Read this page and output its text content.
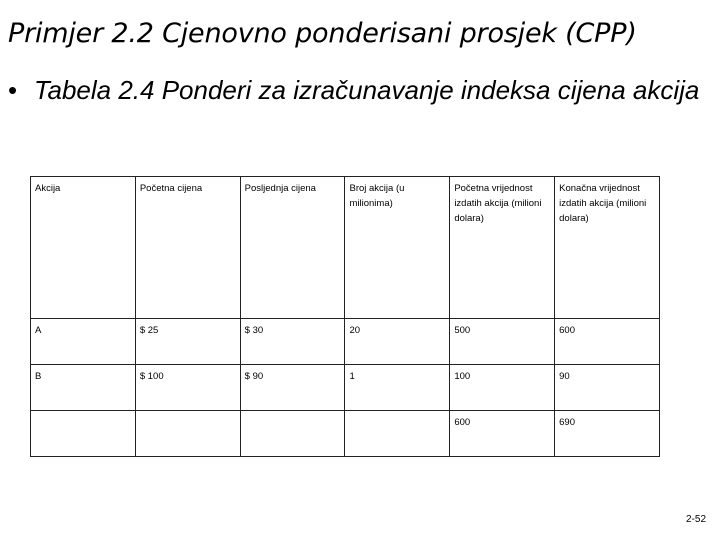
Primjer 2.2 Cjenovno ponderisani prosjek (CPP)
• Tabela 2.4 Ponderi za izračunavanje indeksa cijena akcija
Akcija	Početna cijena	Posljednja cijena	Broj akcija (u milionima)	Početna vrijednost izdatih akcija (milioni dolara)	Konačna vrijednost izdatih akcija (milioni dolara)
A	$ 25	$ 30	20	500	600
B	$ 100	$ 90	1	100	90
				600	690
2-52
